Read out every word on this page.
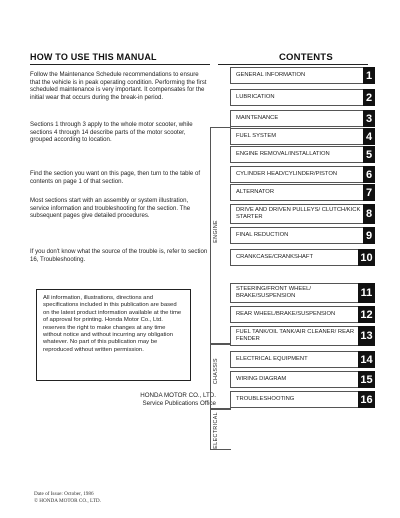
HOW TO USE THIS MANUAL
Follow the Maintenance Schedule recommendations to ensure that the vehicle is in peak operating condition. Performing the first scheduled maintenance is very important. It compensates for the initial wear that occurs during the break-in period.
Sections 1 through 3 apply to the whole motor scooter, while sections 4 through 14 describe parts of the motor scooter, grouped according to location.
Find the section you want on this page, then turn to the table of contents on page 1 of that section.
Most sections start with an assembly or system illustration, service information and troubleshooting for the section. The subsequent pages give detailed procedures.
If you don't know what the source of the trouble is, refer to section 16, Troubleshooting.
All information, illustrations, directions and specifications included in this publication are based on the latest product information available at the time of approval for printing. Honda Motor Co., Ltd. reserves the right to make changes at any time without notice and without incurring any obligation whatever. No part of this publication may be reproduced without written permission.
HONDA MOTOR CO., LTD.
Service Publications Office
CONTENTS
ENGINE
CHASSIS
ELECTRICAL
GENERAL INFORMATION	1
LUBRICATION	2
MAINTENANCE	3
FUEL SYSTEM	4
ENGINE REMOVAL/INSTALLATION	5
CYLINDER HEAD/CYLINDER/PISTON	6
ALTERNATOR	7
DRIVE AND DRIVEN PULLEYS/ CLUTCH/KICK STARTER	8
FINAL REDUCTION	9
CRANKCASE/CRANKSHAFT	10
STEERING/FRONT WHEEL/ BRAKE/SUSPENSION	11
REAR WHEEL/BRAKE/SUSPENSION 12
FUEL TANK/OIL TANK/AIR CLEANER/ REAR FENDER	13
ELECTRICAL EQUIPMENT	14
WIRING DIAGRAM	15
TROUBLESHOOTING	16
Date of Issue: October, 1986
© HONDA MOTOR CO., LTD.
